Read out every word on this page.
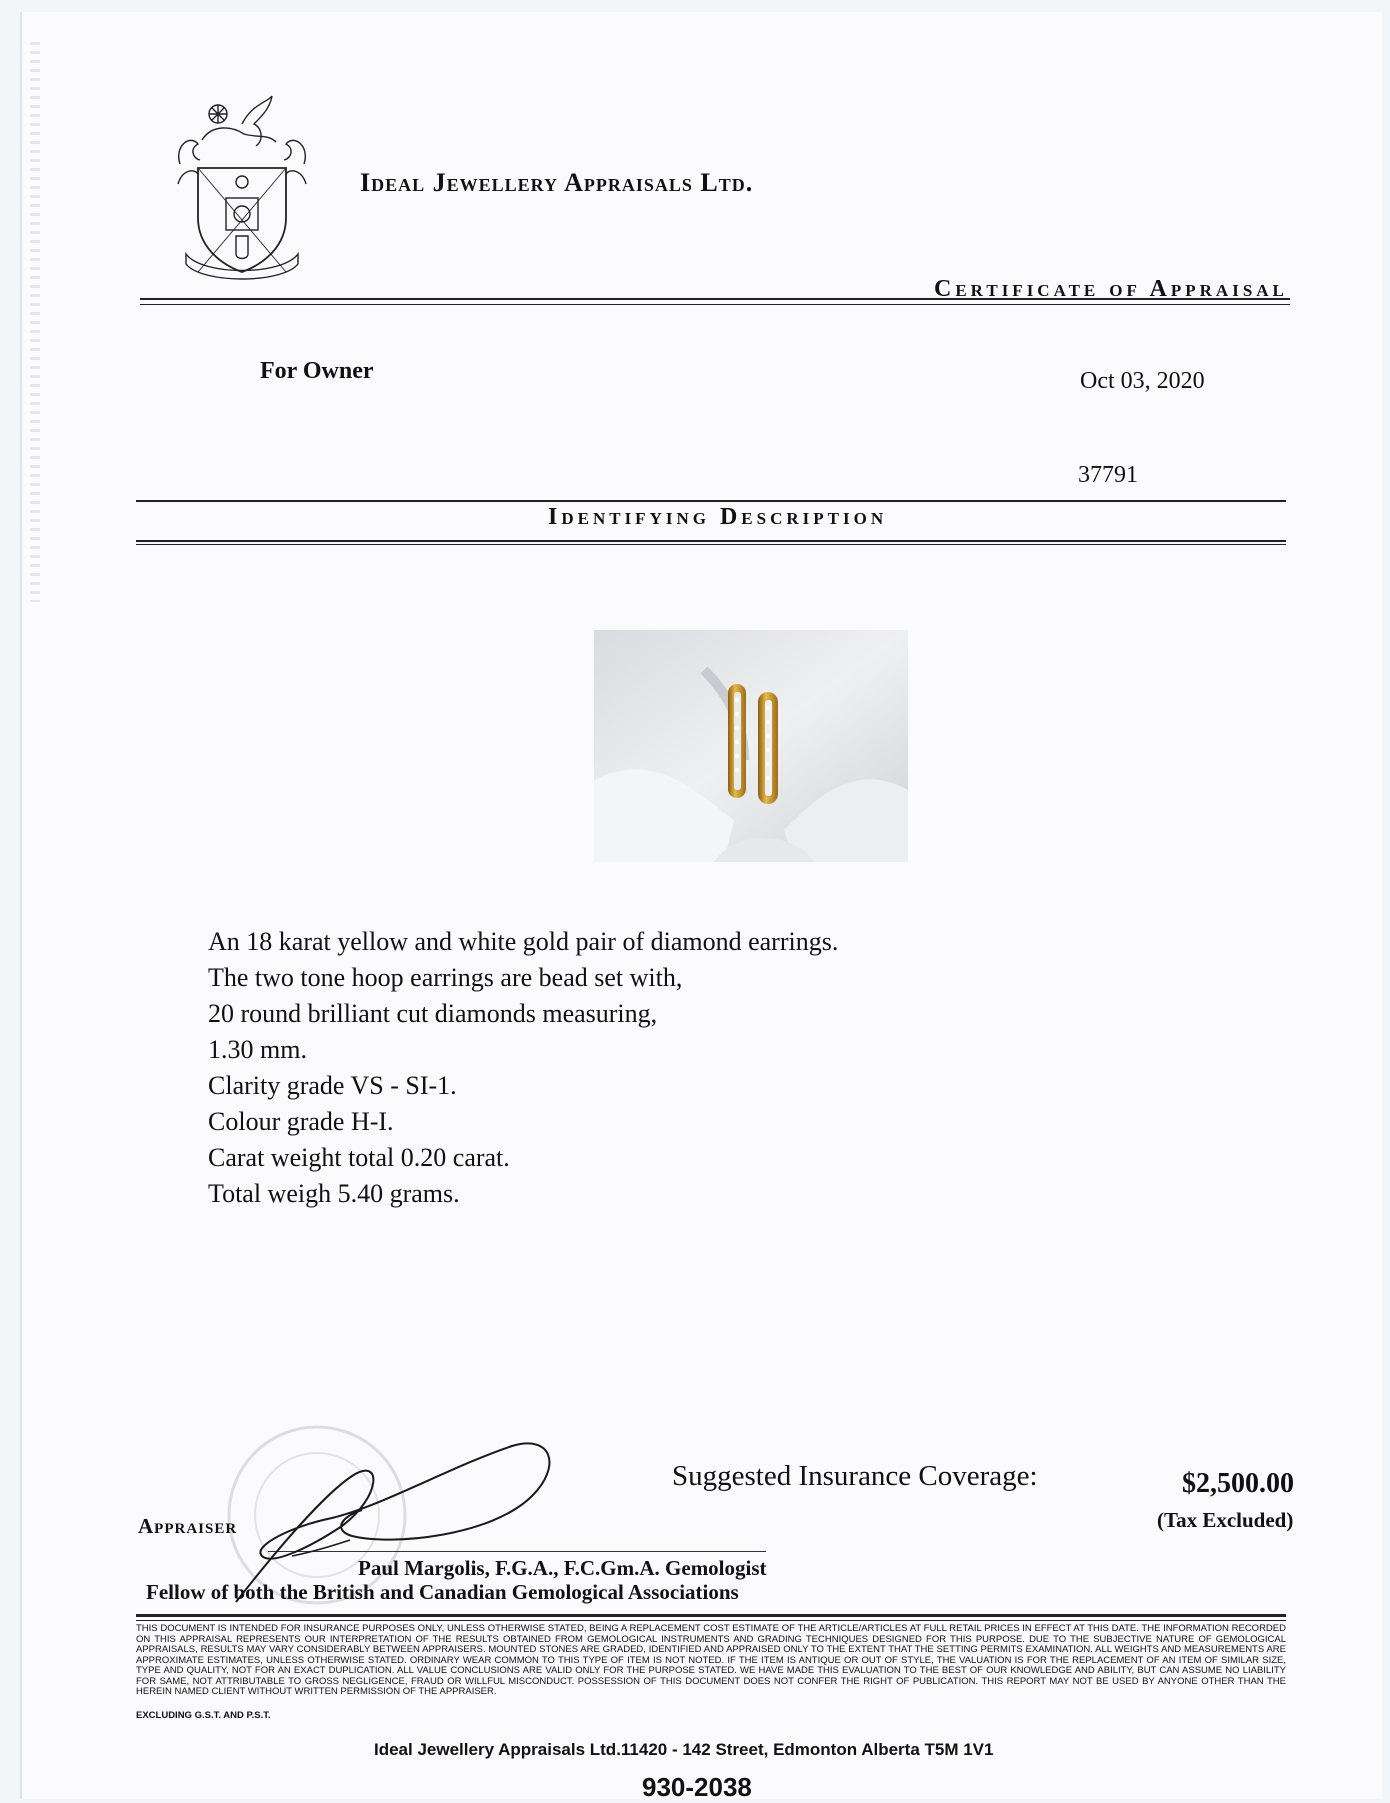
Ideal Jewellery Appraisals Ltd.
Certificate of Appraisal
For Owner	Oct 03, 2020
37791
Identifying Description
An 18 karat yellow and white gold pair of diamond earrings.
The two tone hoop earrings are bead set with,
20 round brilliant cut diamonds measuring,
1.30 mm.
Clarity grade VS - SI-1.
Colour grade H-I.
Carat weight total 0.20 carat.
Total weigh 5.40 grams.
Suggested Insurance Coverage:	$2,500.00
(Tax Excluded)
Appraiser
Paul Margolis, F.G.A., F.C.Gm.A. Gemologist
Fellow of both the British and Canadian Gemological Associations
THIS DOCUMENT IS INTENDED FOR INSURANCE PURPOSES ONLY, UNLESS OTHERWISE STATED, BEING A REPLACEMENT COST ESTIMATE OF THE ARTICLE/ARTICLES AT FULL RETAIL PRICES IN EFFECT AT THIS DATE. THE INFORMATION RECORDED ON THIS APPRAISAL REPRESENTS OUR INTERPRETATION OF THE RESULTS OBTAINED FROM GEMOLOGICAL INSTRUMENTS AND GRADING TECHNIQUES DESIGNED FOR THIS PURPOSE. DUE TO THE SUBJECTIVE NATURE OF GEMOLOGICAL APPRAISALS, RESULTS MAY VARY CONSIDERABLY BETWEEN APPRAISERS. MOUNTED STONES ARE GRADED, IDENTIFIED AND APPRAISED ONLY TO THE EXTENT THAT THE SETTING PERMITS EXAMINATION. ALL WEIGHTS AND MEASUREMENTS ARE APPROXIMATE ESTIMATES, UNLESS OTHERWISE STATED. ORDINARY WEAR COMMON TO THIS TYPE OF ITEM IS NOT NOTED. IF THE ITEM IS ANTIQUE OR OUT OF STYLE, THE VALUATION IS FOR THE REPLACEMENT OF AN ITEM OF SIMILAR SIZE, TYPE AND QUALITY, NOT FOR AN EXACT DUPLICATION. ALL VALUE CONCLUSIONS ARE VALID ONLY FOR THE PURPOSE STATED. WE HAVE MADE THIS EVALUATION TO THE BEST OF OUR KNOWLEDGE AND ABILITY, BUT CAN ASSUME NO LIABILITY FOR SAME, NOT ATTRIBUTABLE TO GROSS NEGLIGENCE, FRAUD OR WILLFUL MISCONDUCT. POSSESSION OF THIS DOCUMENT DOES NOT CONFER THE RIGHT OF PUBLICATION. THIS REPORT MAY NOT BE USED BY ANYONE OTHER THAN THE HEREIN NAMED CLIENT WITHOUT WRITTEN PERMISSION OF THE APPRAISER.
EXCLUDING G.S.T. AND P.S.T.
Ideal Jewellery Appraisals Ltd.11420 - 142 Street, Edmonton Alberta T5M 1V1
930-2038
